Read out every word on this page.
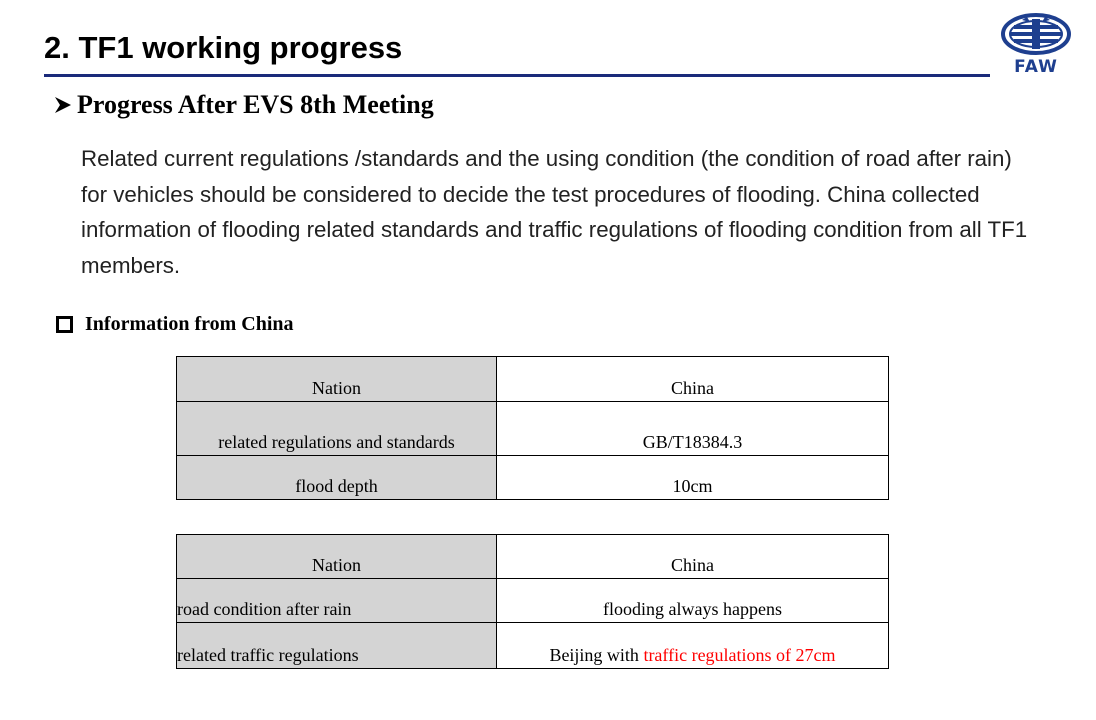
2. TF1 working progress
FAW
Progress After EVS 8th Meeting
Related current regulations /standards and the using condition (the condition of road after rain) for vehicles should be considered to decide the test procedures of flooding. China collected information of flooding related standards and traffic regulations of flooding condition from all TF1 members.
Information from China
Nation	China
related regulations and standards	GB/T18384.3
flood depth	10cm
Nation	China
road condition after rain	flooding always happens
related traffic regulations	Beijing with traffic regulations of 27cm
